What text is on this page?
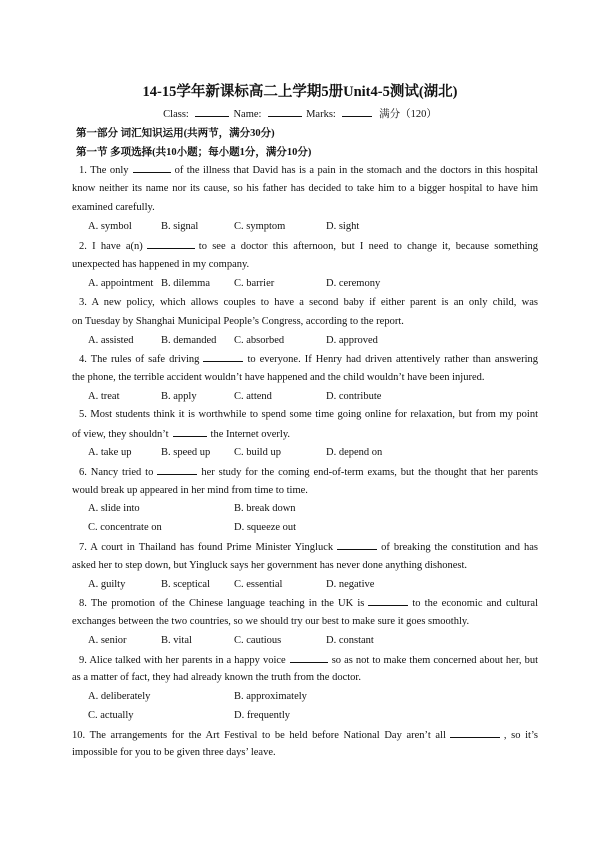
14-15学年新课标高二上学期5册Unit4-5测试(湖北)
Class:	Name:	Marks:	满分（120）
第一部分 词汇知识运用(共两节，满分30分)
第一节 多项选择(共10小题；每小题1分，满分10分)
1. The only	of the illness that David has is a pain in the stomach and the doctors in this hospital
know neither its name nor its cause, so his father has decided to take him to a bigger hospital to have him
examined carefully.
A. symbol	B. signal	C. symptom	D. sight
2. I have a(n)	to see a doctor this afternoon, but I need to change it, because something
unexpected has happened in my company.
A. appointment B. dilemma C. barrier	D. ceremony
3. A new policy, which allows couples to have a second baby if either parent is an only child, was
on Tuesday by Shanghai Municipal People’s Congress, according to the report.
A. assisted	B. demanded C. absorbed	D. approved
4. The rules of safe driving	to everyone. If Henry had driven attentively rather than answering
the phone, the terrible accident wouldn’t have happened and the child wouldn’t have been injured.
A. treat	B. apply	C. attend	D. contribute
5. Most students think it is worthwhile to spend some time going online for relaxation, but from my point
of view, they shouldn’t	the Internet overly.
A. take up	B. speed up C. build up	D. depend on
6. Nancy tried to	her study for the coming end-of-term exams, but the thought that her parents
would break up appeared in her mind from time to time.
A. slide into	B. break down
C. concentrate on	D. squeeze out
7. A court in Thailand has found Prime Minister Yingluck	of breaking the constitution and has
asked her to step down, but Yingluck says her government has never done anything dishonest.
A. guilty	B. sceptical C. essential	D. negative
8. The promotion of the Chinese language teaching in the UK is	to the economic and cultural
exchanges between the two countries, so we should try our best to make sure it goes smoothly.
A. senior	B. vital	C. cautious	D. constant
9. Alice talked with her parents in a happy voice	so as not to make them concerned about her, but
as a matter of fact, they had already known the truth from the doctor.
A. deliberately	B. approximately
C. actually	D. frequently
10. The arrangements for the Art Festival to be held before National Day aren’t all	, so it’s
impossible for you to be given three days’ leave.
